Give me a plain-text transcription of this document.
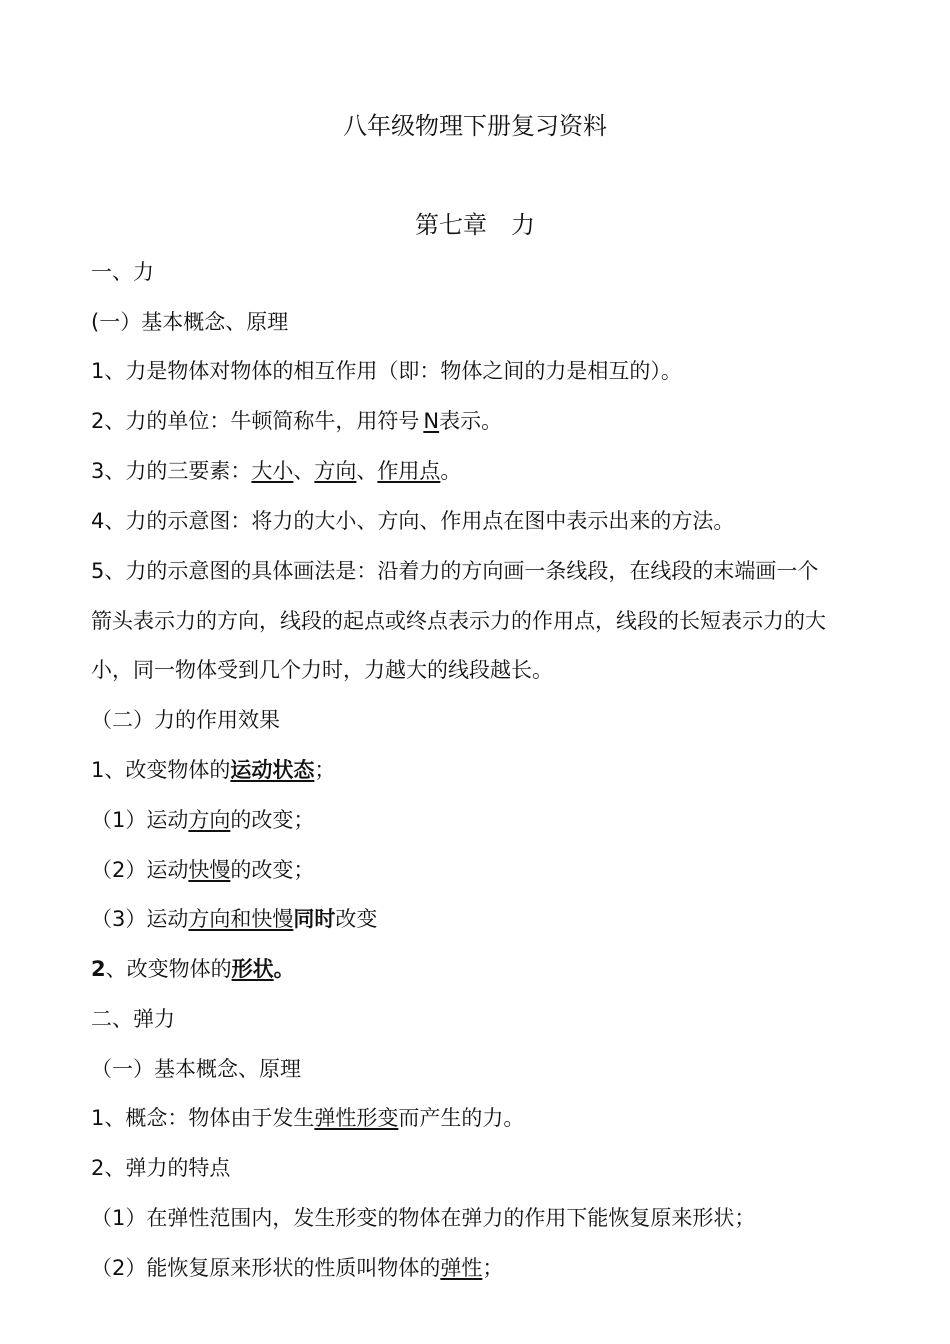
八年级物理下册复习资料
第七章　力
一、力
(一）基本概念、原理
1、力是物体对物体的相互作用（即：物体之间的力是相互的）。
2、力的单位：牛顿简称牛，用符号 N表示。
3、力的三要素：大小、方向、作用点。
4、力的示意图：将力的大小、方向、作用点在图中表示出来的方法。
5、力的示意图的具体画法是：沿着力的方向画一条线段，在线段的末端画一个
箭头表示力的方向，线段的起点或终点表示力的作用点，线段的长短表示力的大
小，同一物体受到几个力时，力越大的线段越长。
（二）力的作用效果
1、改变物体的运动状态；
（1）运动方向的改变；
（2）运动快慢的改变；
（3）运动方向和快慢同时改变
2、改变物体的形状。
二、弹力
（一）基本概念、原理
1、概念：物体由于发生弹性形变而产生的力。
2、弹力的特点
（1）在弹性范围内，发生形变的物体在弹力的作用下能恢复原来形状；
（2）能恢复原来形状的性质叫物体的弹性；
